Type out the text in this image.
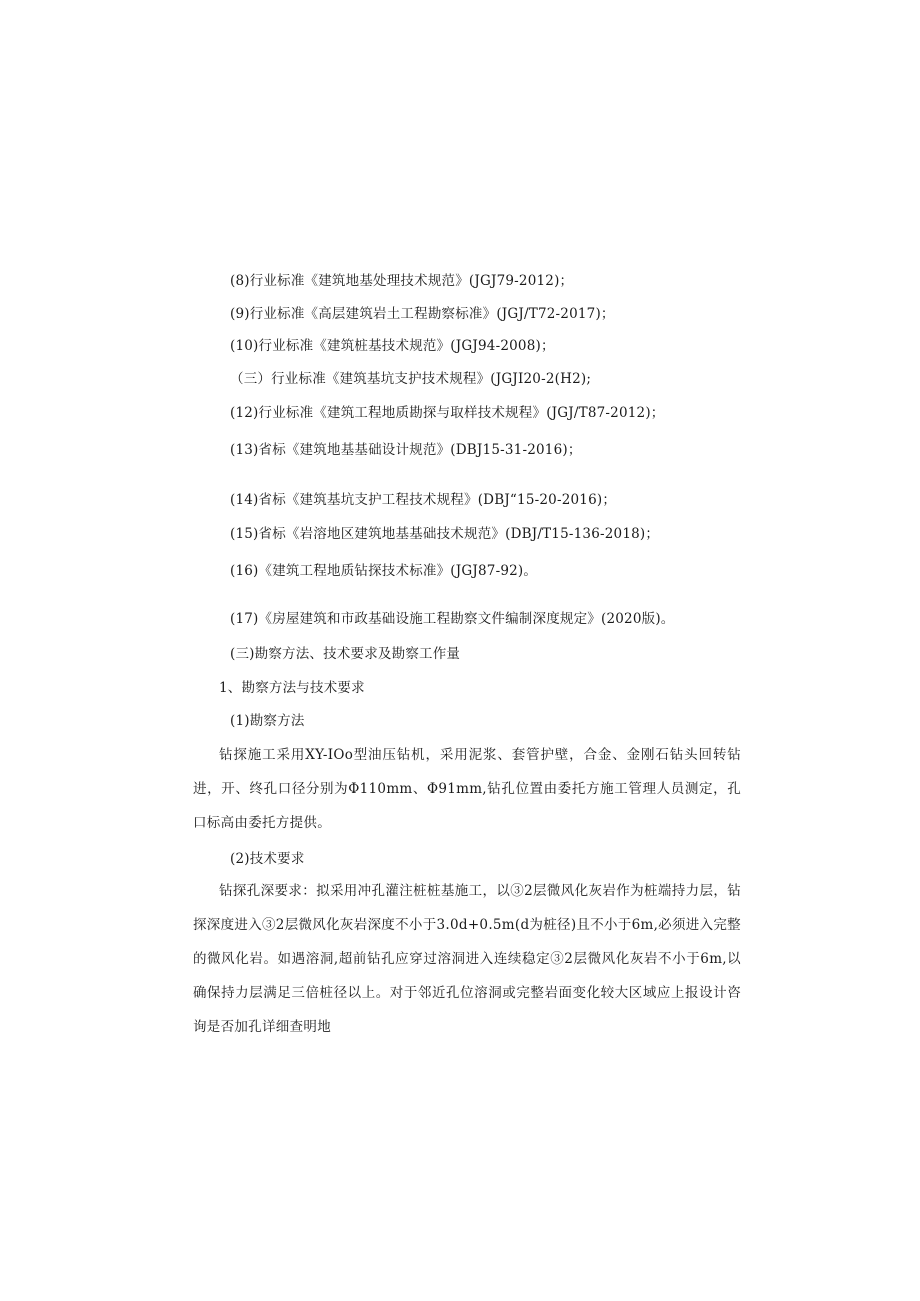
(8)行业标准《建筑地基处理技术规范》(JGJ79-2012)；
(9)行业标准《高层建筑岩土工程勘察标准》(JGJ/T72-2017)；
(10)行业标准《建筑桩基技术规范》(JGJ94-2008)；
（三）行业标准《建筑基坑支护技术规程》(JGJI20-2(H2);
(12)行业标准《建筑工程地质勘探与取样技术规程》(JGJ/T87-2012)；
(13)省标《建筑地基基础设计规范》(DBJ15-31-2016)；
(14)省标《建筑基坑支护工程技术规程》(DBJ“15-20-2016)；
(15)省标《岩溶地区建筑地基基础技术规范》(DBJ/T15-136-2018)；
(16)《建筑工程地质钻探技术标准》(JGJ87-92)。
(17)《房屋建筑和市政基础设施工程勘察文件编制深度规定》(2020版)。
(三)勘察方法、技术要求及勘察工作量
1、勘察方法与技术要求
(1)勘察方法
钻探施工采用XY-IOo型油压钻机，采用泥浆、套管护壁，合金、金刚石钻头回转钻进，开、终孔口径分别为Φ110mm、Φ91mm,钻孔位置由委托方施工管理人员测定，孔口标高由委托方提供。
(2)技术要求
钻探孔深要求：拟采用冲孔灌注桩桩基施工，以③2层微风化灰岩作为桩端持力层，钻探深度进入③2层微风化灰岩深度不小于3.0d+0.5m(d为桩径)且不小于6m,必须进入完整的微风化岩。如遇溶洞,超前钻孔应穿过溶洞进入连续稳定③2层微风化灰岩不小于6m,以确保持力层满足三倍桩径以上。对于邻近孔位溶洞或完整岩面变化较大区域应上报设计咨询是否加孔详细查明地
